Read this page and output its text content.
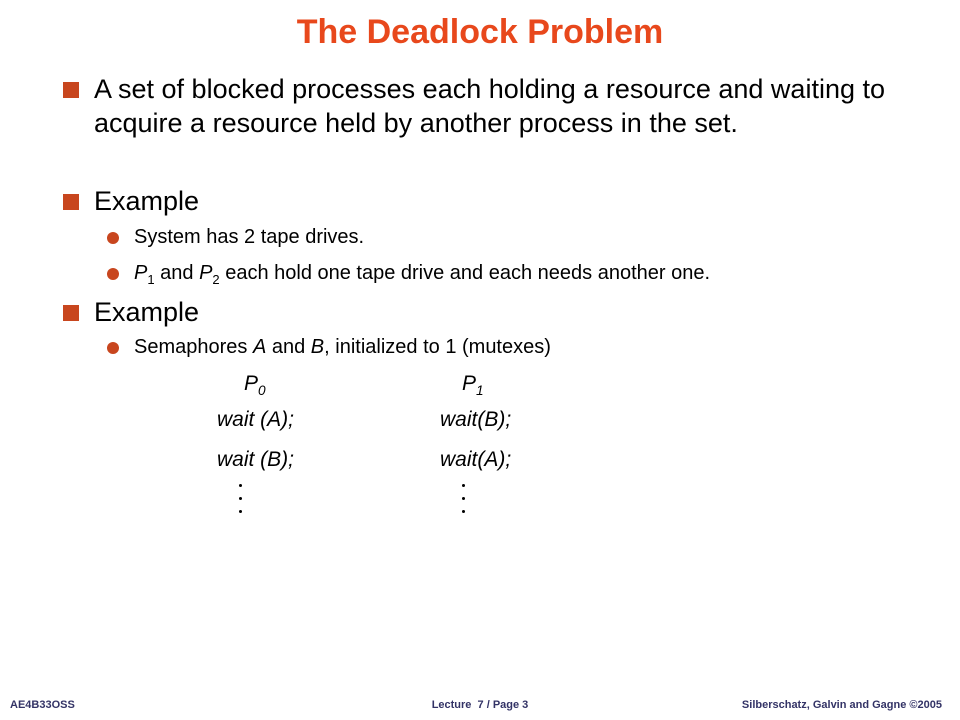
The Deadlock Problem
A set of blocked processes each holding a resource and waiting to acquire a resource held by another process in the set.
Example
System has 2 tape drives.
$P_1$ and $P_2$ each hold one tape drive and each needs another one.
Example
Semaphores A and B, initialized to 1 (mutexes)
$P_0$	$P_1$
wait (A);	wait(B);
wait (B);	wait(A);
AE4B33OSS	Lecture  7 / Page 3	Silberschatz, Galvin and Gagne ©2005
